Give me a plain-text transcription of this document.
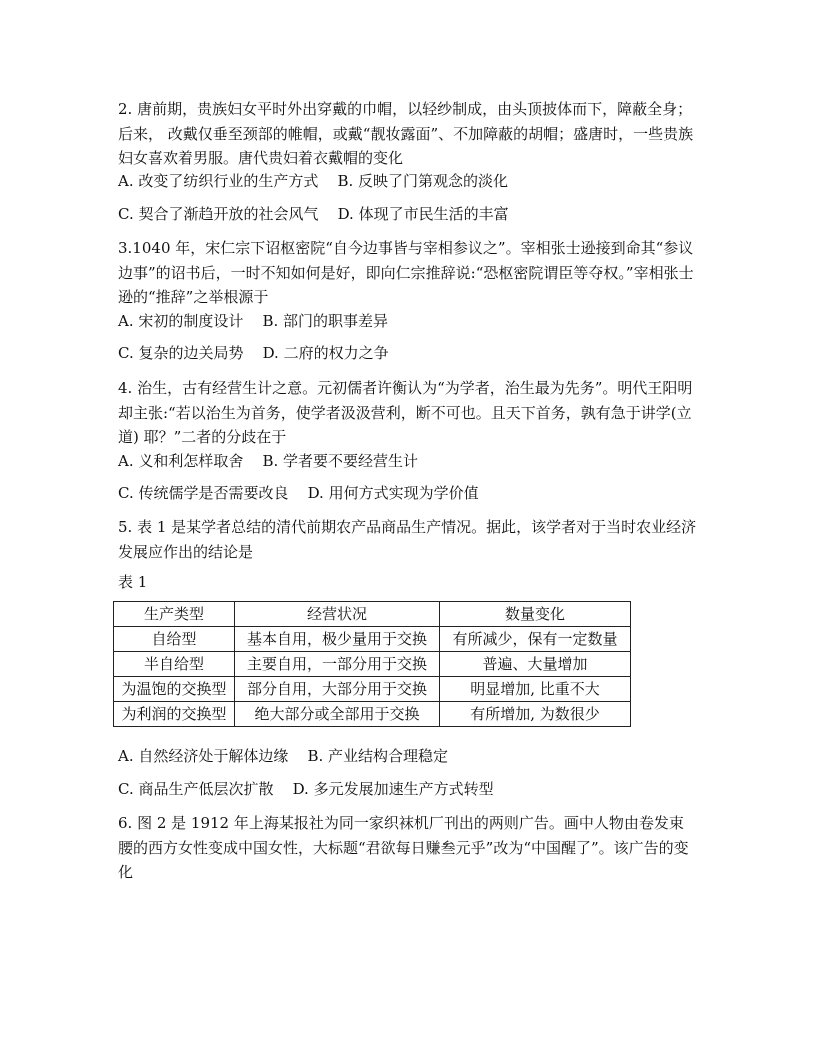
2. 唐前期，贵族妇女平时外出穿戴的巾帽，以轻纱制成，由头顶披体而下，障蔽全身；后来， 改戴仅垂至颈部的帷帽，或戴“靓妆露面”、不加障蔽的胡帽；盛唐时，一些贵族妇女喜欢着男服。唐代贵妇着衣戴帽的变化

A. 改变了纺织行业的生产方式 B. 反映了门第观念的淡化
C. 契合了渐趋开放的社会风气 D. 体现了市民生活的丰富

3.1040 年，宋仁宗下诏枢密院“自今边事皆与宰相参议之”。宰相张士逊接到命其“参议边事”的诏书后，一时不知如何是好，即向仁宗推辞说:“恐枢密院谓臣等夺权。”宰相张士逊的“推辞”之举根源于

A. 宋初的制度设计 B. 部门的职事差异
C. 复杂的边关局势 D. 二府的权力之争

4. 治生，古有经营生计之意。元初儒者许衡认为“为学者，治生最为先务”。明代王阳明却主张:“若以治生为首务，使学者汲汲营利，断不可也。且天下首务，孰有急于讲学(立道) 耶？”二者的分歧在于

A. 义和利怎样取舍 B. 学者要不要经营生计
C. 传统儒学是否需要改良 D. 用何方式实现为学价值

5. 表 1 是某学者总结的清代前期农产品商品生产情况。据此，该学者对于当时农业经济发展应作出的结论是

表 1

生产类型	经营状况	数量变化
自给型	基本自用，极少量用于交换	有所减少，保有一定数量
半自给型	主要自用，一部分用于交换	普遍、大量增加
为温饱的交换型	部分自用，大部分用于交换	明显增加, 比重不大
为利润的交换型	绝大部分或全部用于交换	有所增加, 为数很少
A. 自然经济处于解体边缘 B. 产业结构合理稳定
C. 商品生产低层次扩散 D. 多元发展加速生产方式转型

6. 图 2 是 1912 年上海某报社为同一家织袜机厂刊出的两则广告。画中人物由卷发束腰的西方女性变成中国女性，大标题“君欲每日赚叁元乎”改为“中国醒了”。该广告的变化
